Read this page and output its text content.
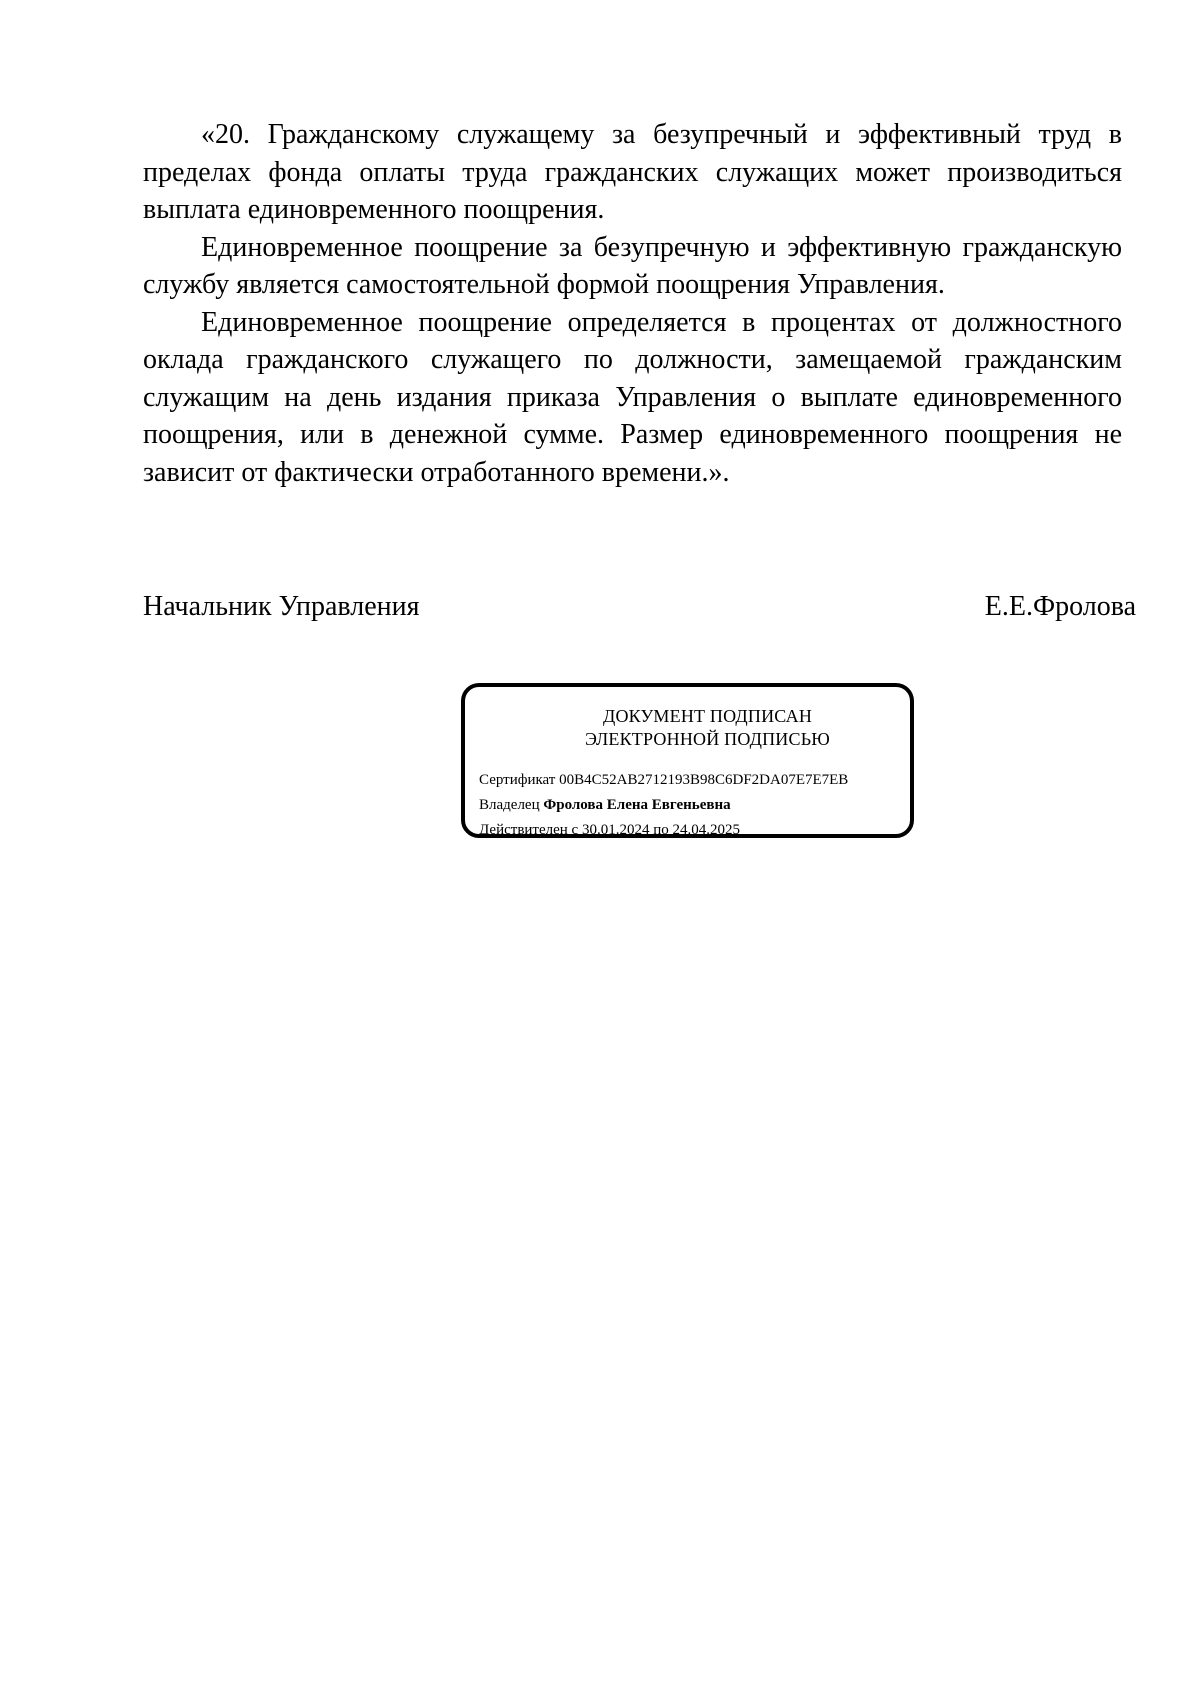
«20. Гражданскому служащему за безупречный и эффективный труд в пределах фонда оплаты труда гражданских служащих может производиться выплата единовременного поощрения.

Единовременное поощрение за безупречную и эффективную гражданскую службу является самостоятельной формой поощрения Управления.

Единовременное поощрение определяется в процентах от должностного оклада гражданского служащего по должности, замещаемой гражданским служащим на день издания приказа Управления о выплате единовременного поощрения, или в денежной сумме. Размер единовременного поощрения не зависит от фактически отработанного времени.».

Начальник Управления	Е.Е.Фролова
ДОКУМЕНТ ПОДПИСАН
ЭЛЕКТРОННОЙ ПОДПИСЬЮ
Сертификат 00B4C52AB2712193B98C6DF2DA07E7E7EB
Владелец Фролова Елена Евгеньевна
Действителен с 30.01.2024 по 24.04.2025
